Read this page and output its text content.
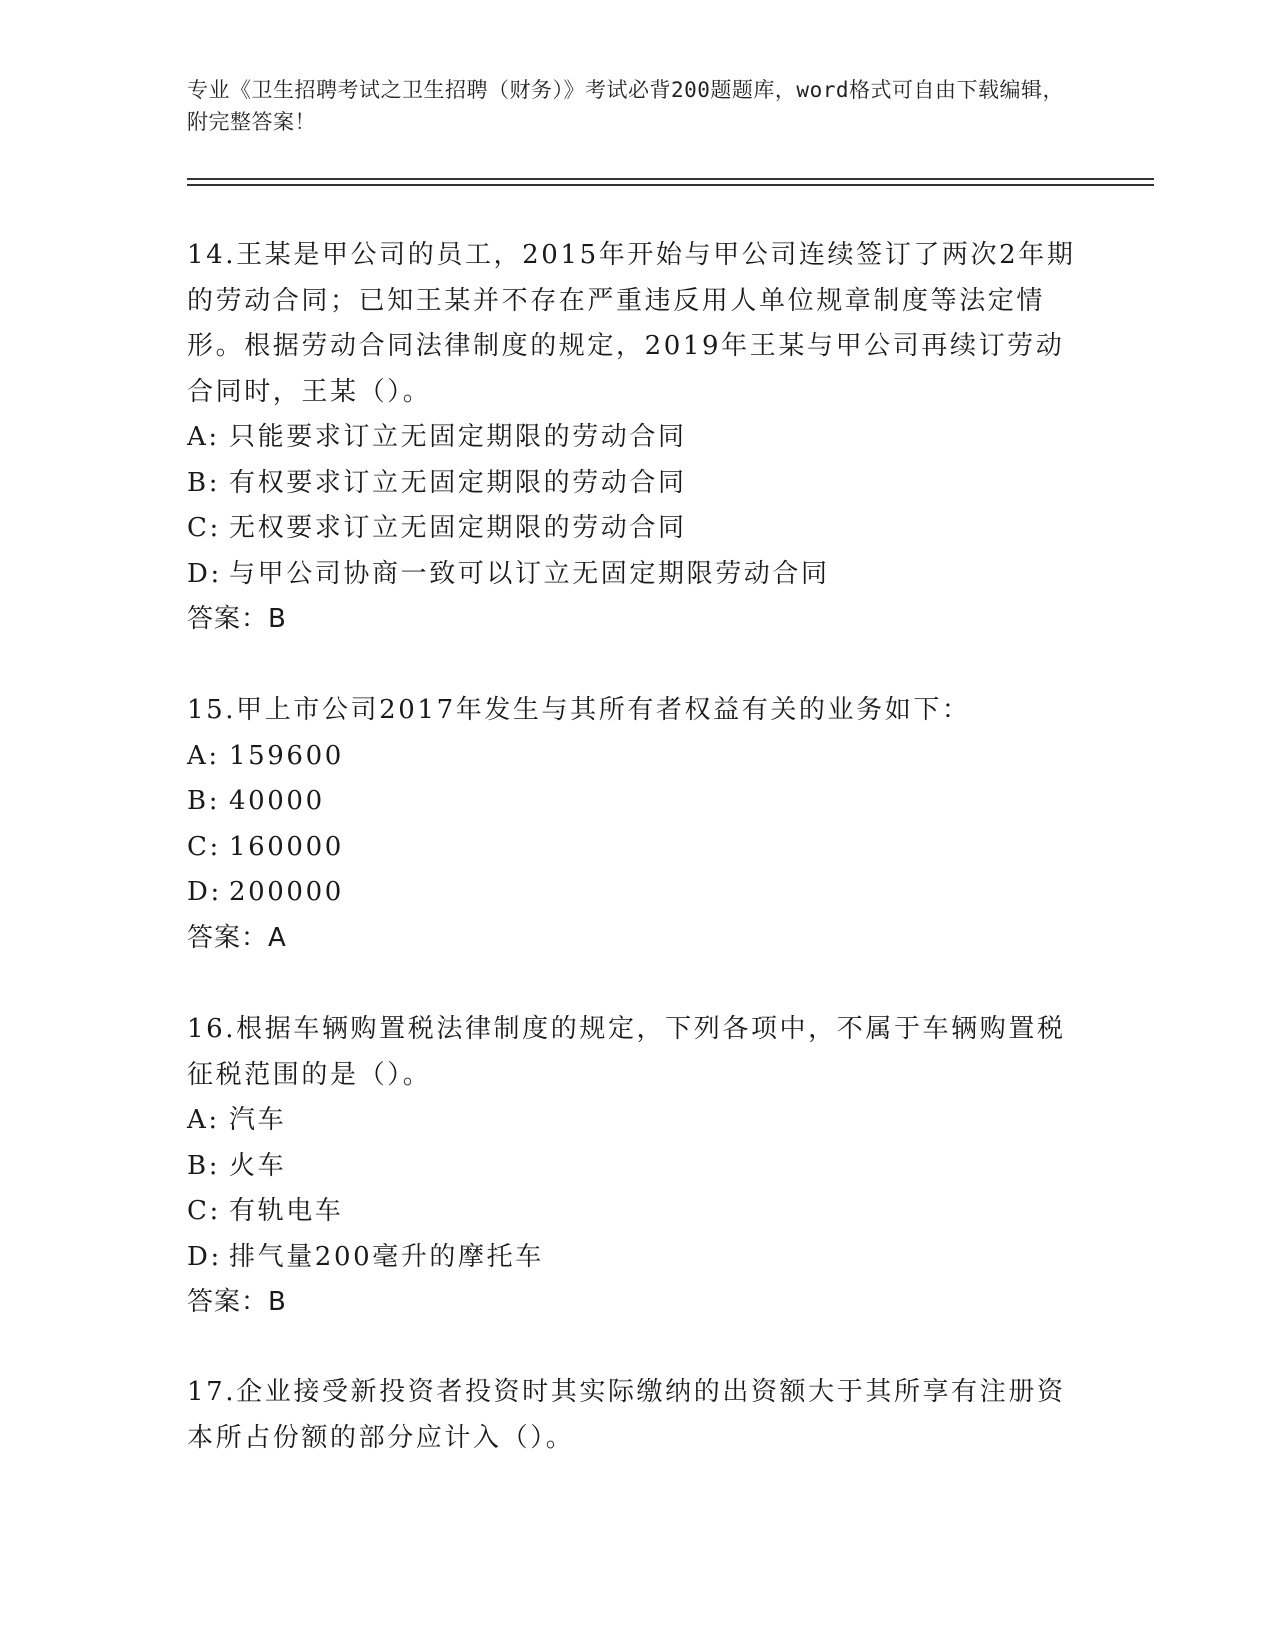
专业《卫生招聘考试之卫生招聘（财务）》考试必背200题题库，word格式可自由下载编辑，附完整答案！

14.王某是甲公司的员工，2015年开始与甲公司连续签订了两次2年期的劳动合同；已知王某并不存在严重违反用人单位规章制度等法定情形。根据劳动合同法律制度的规定，2019年王某与甲公司再续订劳动合同时，王某（）。

A: 只能要求订立无固定期限的劳动合同
B: 有权要求订立无固定期限的劳动合同
C: 无权要求订立无固定期限的劳动合同
D: 与甲公司协商一致可以订立无固定期限劳动合同

答案：B

15.甲上市公司2017年发生与其所有者权益有关的业务如下：

A: 159600
B: 40000
C: 160000
D: 200000

答案：A

16.根据车辆购置税法律制度的规定，下列各项中，不属于车辆购置税征税范围的是（）。

A: 汽车
B: 火车
C: 有轨电车
D: 排气量200毫升的摩托车

答案：B

17.企业接受新投资者投资时其实际缴纳的出资额大于其所享有注册资本所占份额的部分应计入（）。
